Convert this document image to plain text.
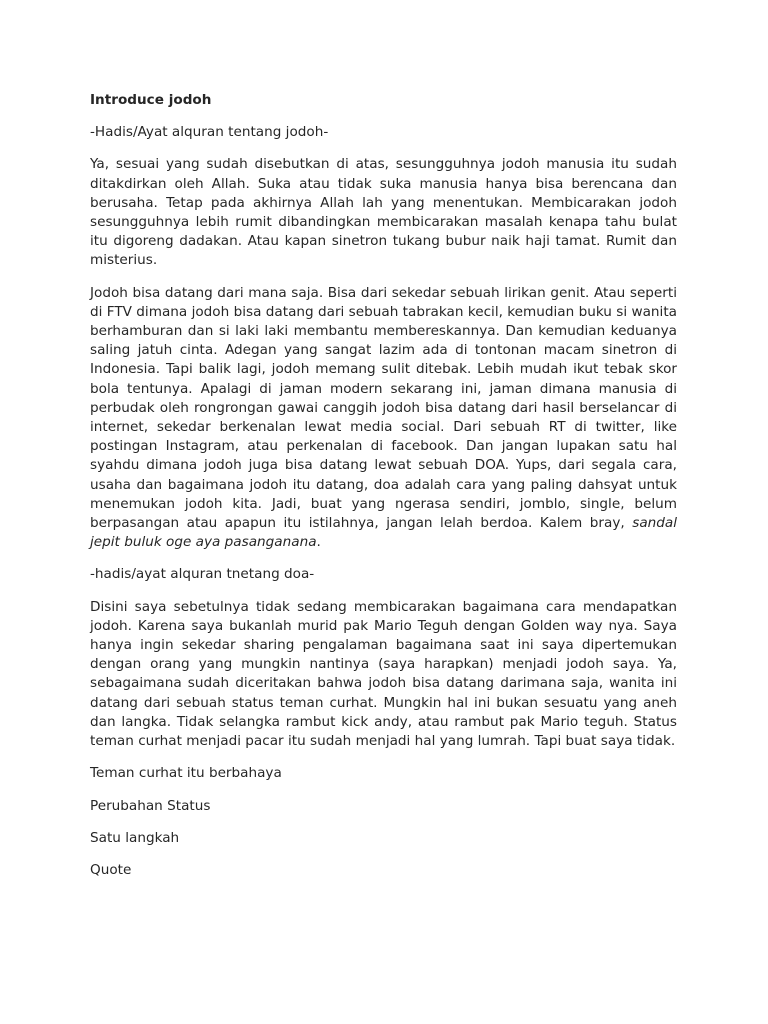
Introduce jodoh
-Hadis/Ayat alquran tentang jodoh-
Ya, sesuai yang sudah disebutkan di atas, sesungguhnya jodoh manusia itu sudah ditakdirkan oleh Allah. Suka atau tidak suka manusia hanya bisa berencana dan berusaha. Tetap pada akhirnya Allah lah yang menentukan. Membicarakan jodoh sesungguhnya lebih rumit dibandingkan membicarakan masalah kenapa tahu bulat itu digoreng dadakan. Atau kapan sinetron tukang bubur naik haji tamat. Rumit dan misterius.
Jodoh bisa datang dari mana saja. Bisa dari sekedar sebuah lirikan genit. Atau seperti di FTV dimana jodoh bisa datang dari sebuah tabrakan kecil, kemudian buku si wanita berhamburan dan si laki laki membantu membereskannya. Dan kemudian keduanya saling jatuh cinta. Adegan yang sangat lazim ada di tontonan macam sinetron di Indonesia. Tapi balik lagi, jodoh memang sulit ditebak. Lebih mudah ikut tebak skor bola tentunya. Apalagi di jaman modern sekarang ini, jaman dimana manusia di perbudak oleh rongrongan gawai canggih jodoh bisa datang dari hasil berselancar di internet, sekedar berkenalan lewat media social. Dari sebuah RT di twitter, like postingan Instagram, atau perkenalan di facebook. Dan jangan lupakan satu hal syahdu dimana jodoh juga bisa datang lewat sebuah DOA. Yups, dari segala cara, usaha dan bagaimana jodoh itu datang, doa adalah cara yang paling dahsyat untuk menemukan jodoh kita. Jadi, buat yang ngerasa sendiri, jomblo, single, belum berpasangan atau apapun itu istilahnya, jangan lelah berdoa. Kalem bray, sandal jepit buluk oge aya pasanganana.
-hadis/ayat alquran tnetang doa-
Disini saya sebetulnya tidak sedang membicarakan bagaimana cara mendapatkan jodoh. Karena saya bukanlah murid pak Mario Teguh dengan Golden way nya. Saya hanya ingin sekedar sharing pengalaman bagaimana saat ini saya dipertemukan dengan orang yang mungkin nantinya (saya harapkan) menjadi jodoh saya. Ya, sebagaimana sudah diceritakan bahwa jodoh bisa datang darimana saja, wanita ini datang dari sebuah status teman curhat. Mungkin hal ini bukan sesuatu yang aneh dan langka. Tidak selangka rambut kick andy, atau rambut pak Mario teguh. Status teman curhat menjadi pacar itu sudah menjadi hal yang lumrah. Tapi buat saya tidak.
Teman curhat itu berbahaya
Perubahan Status
Satu langkah
Quote
